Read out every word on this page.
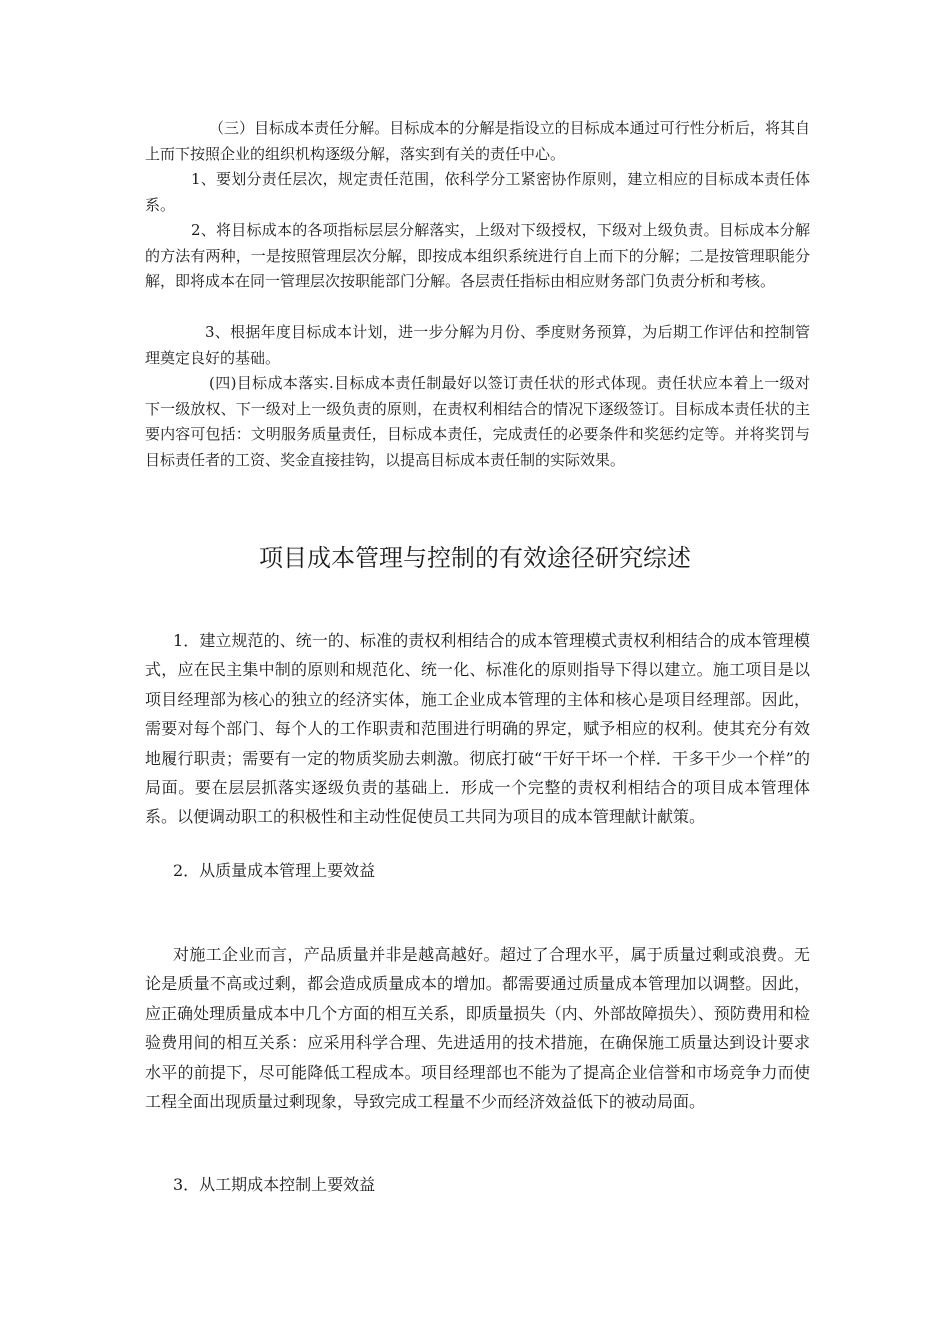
（三）目标成本责任分解。目标成本的分解是指设立的目标成本通过可行性分析后，将其自上而下按照企业的组织机构逐级分解，落实到有关的责任中心。

1、要划分责任层次，规定责任范围，依科学分工紧密协作原则，建立相应的目标成本责任体系。

2、将目标成本的各项指标层层分解落实，上级对下级授权，下级对上级负责。目标成本分解的方法有两种，一是按照管理层次分解，即按成本组织系统进行自上而下的分解；二是按管理职能分解，即将成本在同一管理层次按职能部门分解。各层责任指标由相应财务部门负责分析和考核。

3、根据年度目标成本计划，进一步分解为月份、季度财务预算，为后期工作评估和控制管理奠定良好的基础。

(四)目标成本落实.目标成本责任制最好以签订责任状的形式体现。责任状应本着上一级对下一级放权、下一级对上一级负责的原则，在责权利相结合的情况下逐级签订。目标成本责任状的主要内容可包括：文明服务质量责任，目标成本责任，完成责任的必要条件和奖惩约定等。并将奖罚与目标责任者的工资、奖金直接挂钩，以提高目标成本责任制的实际效果。

项目成本管理与控制的有效途径研究综述

1．建立规范的、统一的、标准的责权利相结合的成本管理模式责权利相结合的成本管理模式，应在民主集中制的原则和规范化、统一化、标准化的原则指导下得以建立。施工项目是以项目经理部为核心的独立的经济实体，施工企业成本管理的主体和核心是项目经理部。因此，需要对每个部门、每个人的工作职责和范围进行明确的界定，赋予相应的权利。使其充分有效地履行职责；需要有一定的物质奖励去刺激。彻底打破“干好干坏一个样．干多干少一个样”的局面。要在层层抓落实逐级负责的基础上．形成一个完整的责权利相结合的项目成本管理体系。以便调动职工的积极性和主动性促使员工共同为项目的成本管理献计献策。

2．从质量成本管理上要效益

对施工企业而言，产品质量并非是越高越好。超过了合理水平，属于质量过剩或浪费。无论是质量不高或过剩，都会造成质量成本的增加。都需要通过质量成本管理加以调整。因此，应正确处理质量成本中几个方面的相互关系，即质量损失（内、外部故障损失）、预防费用和检验费用间的相互关系：应采用科学合理、先进适用的技术措施，在确保施工质量达到设计要求水平的前提下，尽可能降低工程成本。项目经理部也不能为了提高企业信誉和市场竞争力而使工程全面出现质量过剩现象，导致完成工程量不少而经济效益低下的被动局面。

3．从工期成本控制上要效益
